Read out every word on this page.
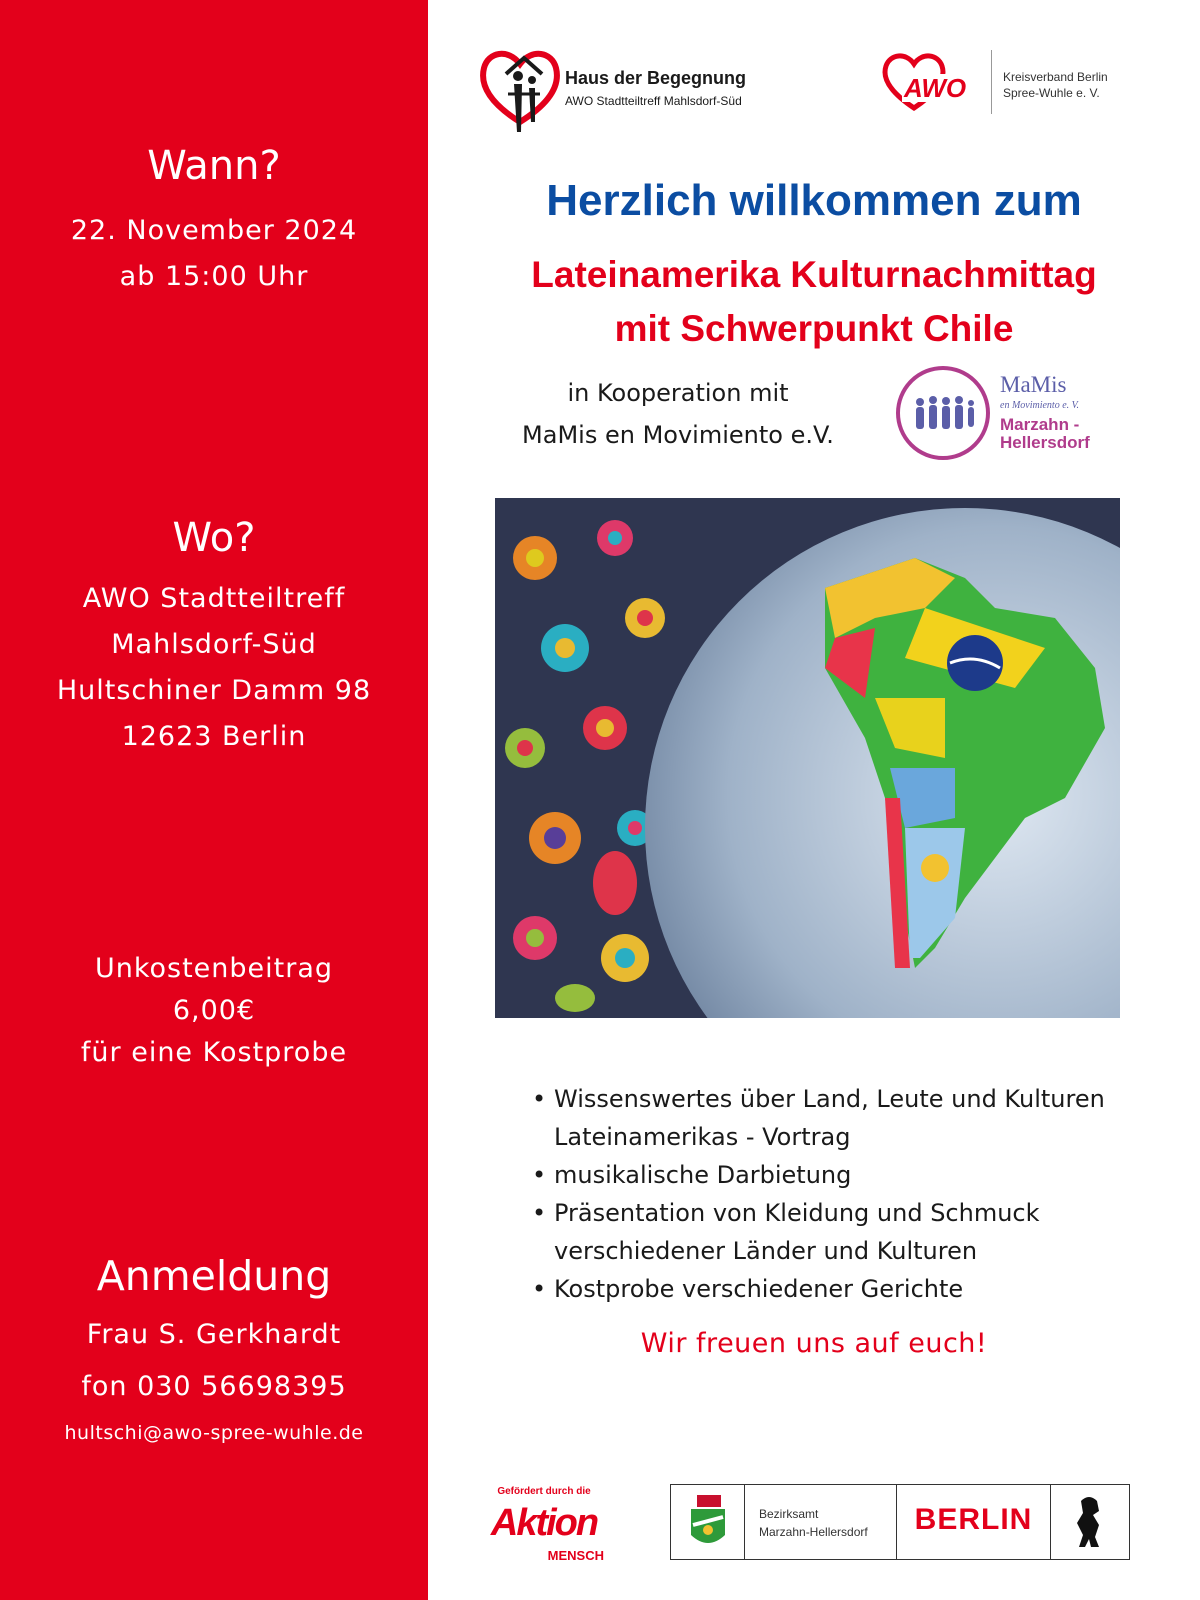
Wann?

22. November 2024

ab 15:00 Uhr

Wo?

AWO Stadtteiltreff

Mahlsdorf-Süd

Hultschiner Damm 98

12623 Berlin

Unkostenbeitrag

6,00€

für eine Kostprobe

Anmeldung

Frau S. Gerkhardt

fon 030 56698395

hultschi@awo-spree-wuhle.de

Haus der Begegnung
AWO Stadtteiltreff Mahlsdorf-Süd	AWO	Kreisverband Berlin
Spree-Wuhle e. V.
Herzlich willkommen zum
Lateinamerika Kulturnachmittag
mit Schwerpunkt Chile
in Kooperation mit
MaMis en Movimiento e.V.
MaMis
en Movimiento e. V.
Marzahn -
Hellersdorf
• Wissenswertes über Land, Leute und Kulturen Lateinamerikas - Vortrag
• musikalische Darbietung
• Präsentation von Kleidung und Schmuck verschiedener Länder und Kulturen
• Kostprobe verschiedener Gerichte

Wir freuen uns auf euch!

Gefördert durch die
Aktion
MENSCH
Bezirksamt
Marzahn-Hellersdorf	BERLIN
